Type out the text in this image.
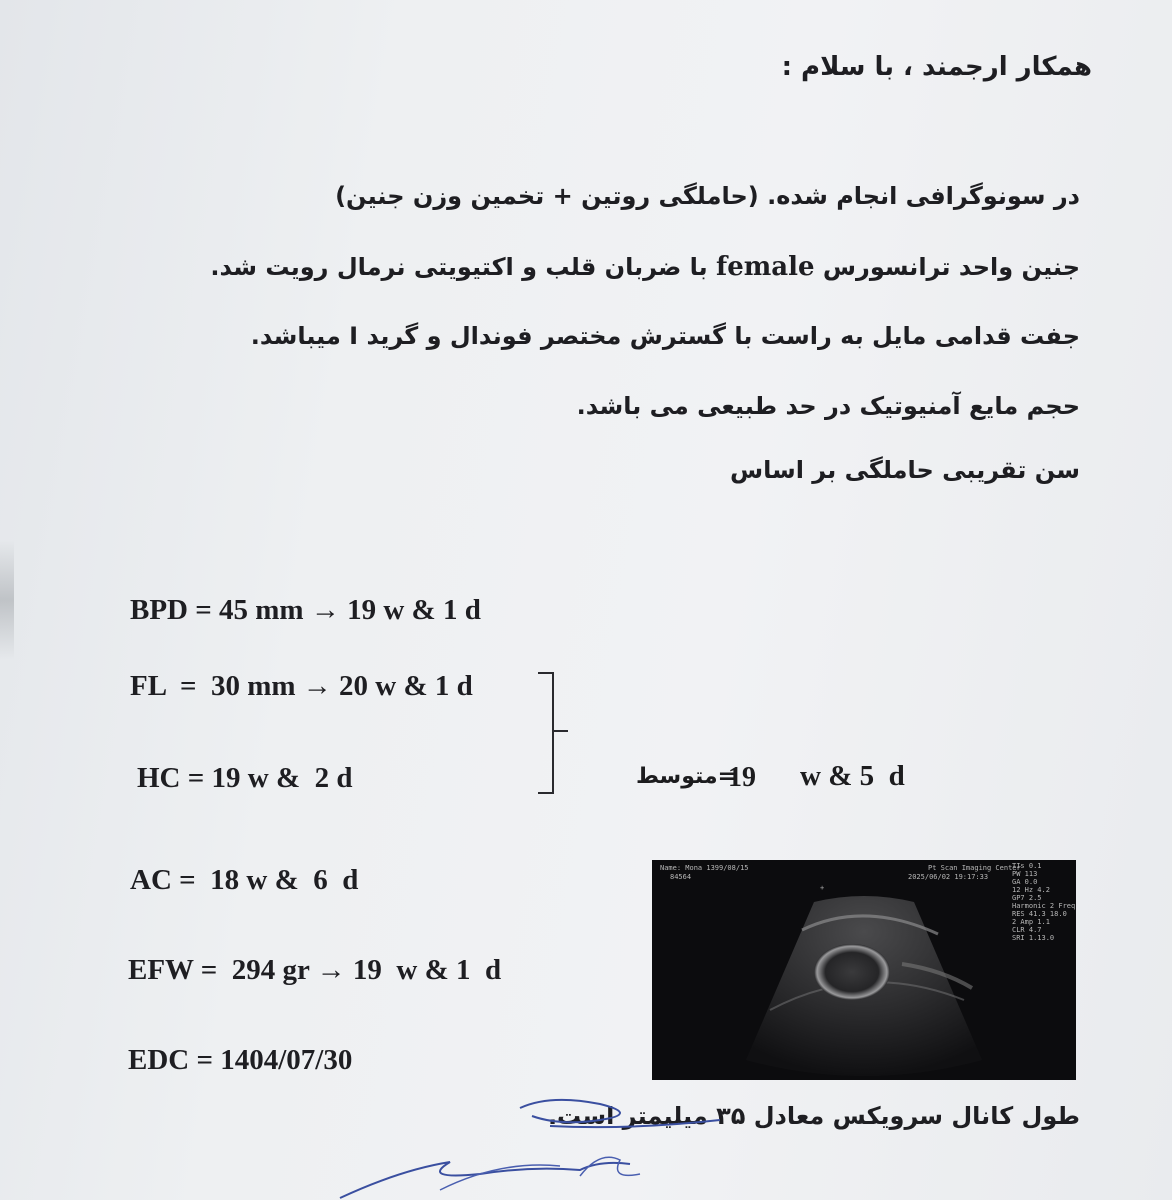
همکار ارجمند ، با سلام :
در سونوگرافی انجام شده. (حاملگی روتین + تخمین وزن جنین)
جنین واحد ترانسورس female با ضربان قلب و اکتیویتی نرمال رویت شد.
جفت قدامی مایل به راست با گسترش مختصر فوندال و گرید I میباشد.
حجم مایع آمنیوتیک در حد طبیعی می باشد.
سن تقریبی حاملگی بر اساس
BPD = 45 mm → 19 w & 1 d
FL  =  30 mm → 20 w & 1 d
HC = 19 w &  2 d
AC =  18 w &  6  d
EFW =  294 gr → 19  w & 1  d
EDC = 1404/07/30
=متوسط
19 w & 5  d
Name: Mona 1399/08/15
84564
Pt Scan Imaging Center
2025/06/02 19:17:33
TIs 0.1
PW 113
GA 0.0
12 Hz 4.2
GP7 2.5
Harmonic 2 Freq
RES 41.3 18.0
2 Amp 1.1
CLR 4.7
SRI 1.13.0
+
طول کانال سرویکس معادل ۳۵ میلیمتر است.
